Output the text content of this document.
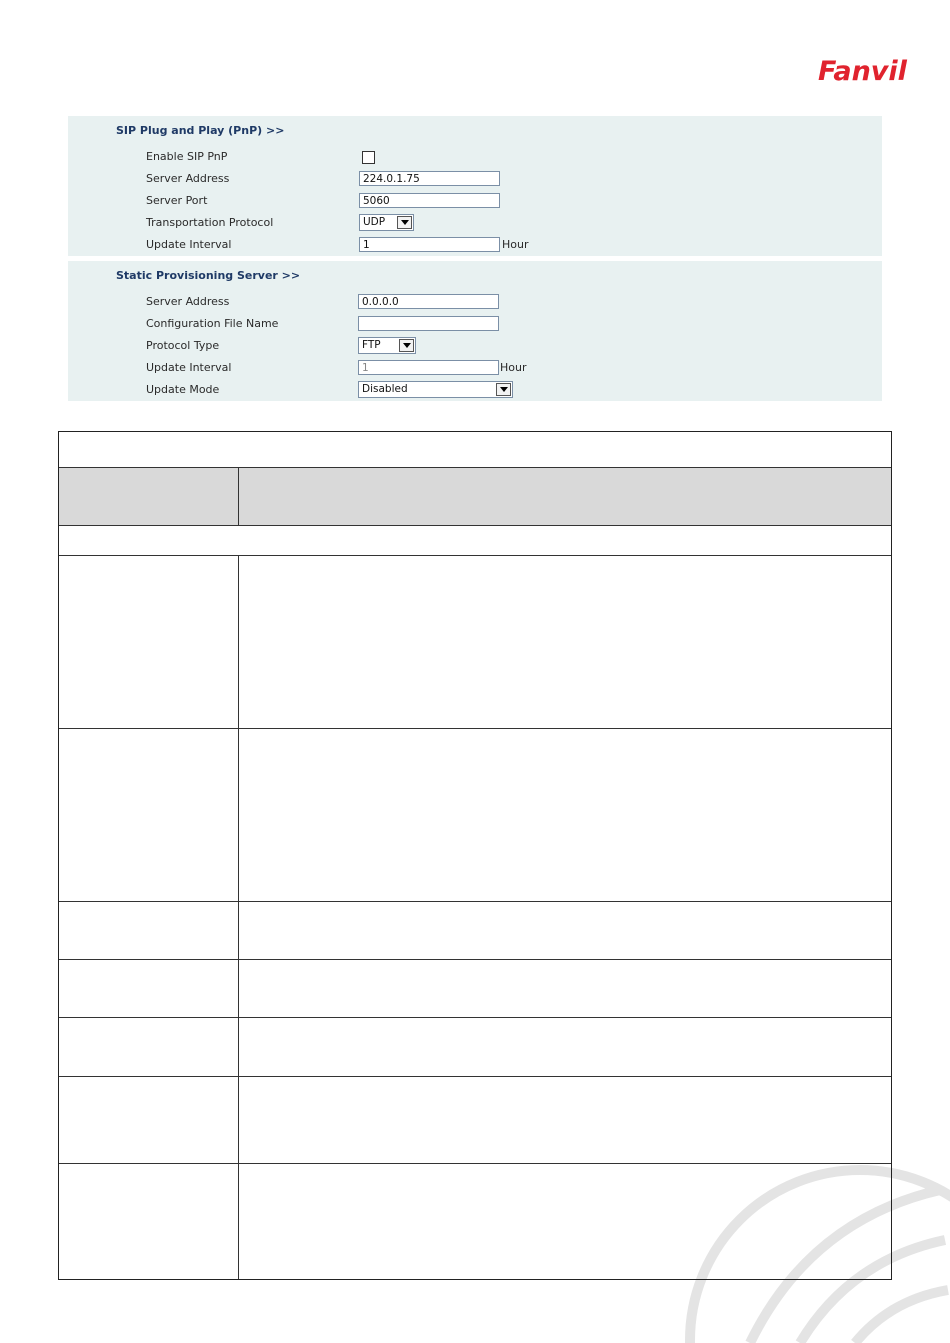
Fanvil
SIP Plug and Play (PnP) >>
Enable SIP PnP
Server Address	224.0.1.75
Server Port	5060
Transportation Protocol	UDP
Update Interval	1	Hour
Static Provisioning Server >>
Server Address	0.0.0.0
Configuration File Name
Protocol Type	FTP
Update Interval	1	Hour
Update Mode	Disabled
